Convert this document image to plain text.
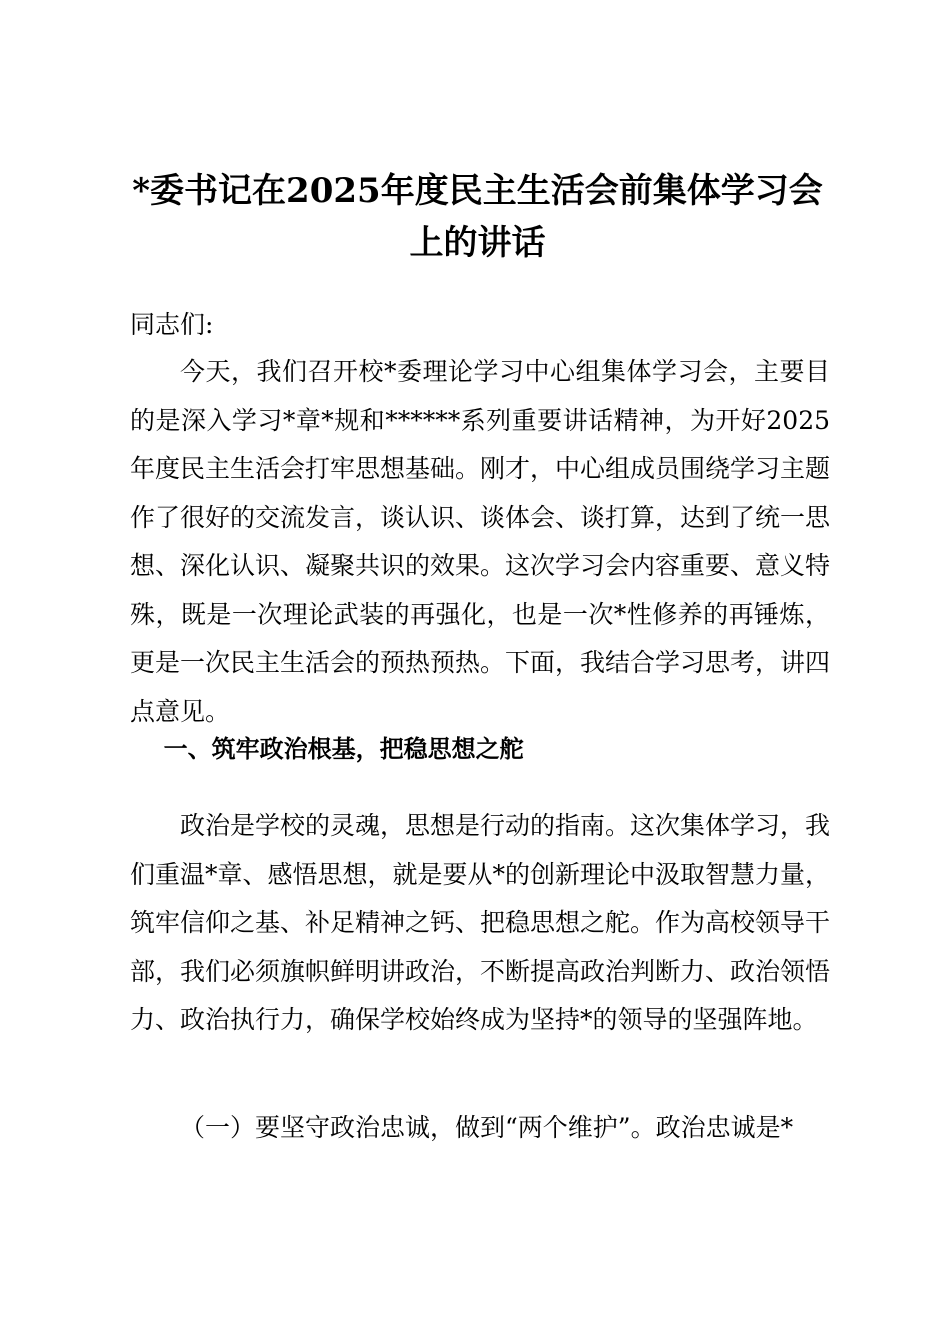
*委书记在2025年度民主生活会前集体学习会上的讲话
同志们:

今天，我们召开校*委理论学习中心组集体学习会，主要目的是深入学习*章*规和******系列重要讲话精神，为开好2025年度民主生活会打牢思想基础。刚才，中心组成员围绕学习主题作了很好的交流发言，谈认识、谈体会、谈打算，达到了统一思想、深化认识、凝聚共识的效果。这次学习会内容重要、意义特殊，既是一次理论武装的再强化，也是一次*性修养的再锤炼，更是一次民主生活会的预热预热。下面，我结合学习思考，讲四点意见。

一、筑牢政治根基，把稳思想之舵

政治是学校的灵魂，思想是行动的指南。这次集体学习，我们重温*章、感悟思想，就是要从*的创新理论中汲取智慧力量，筑牢信仰之基、补足精神之钙、把稳思想之舵。作为高校领导干部，我们必须旗帜鲜明讲政治，不断提高政治判断力、政治领悟力、政治执行力，确保学校始终成为坚持*的领导的坚强阵地。

（一）要坚守政治忠诚，做到“两个维护”。政治忠诚是*
